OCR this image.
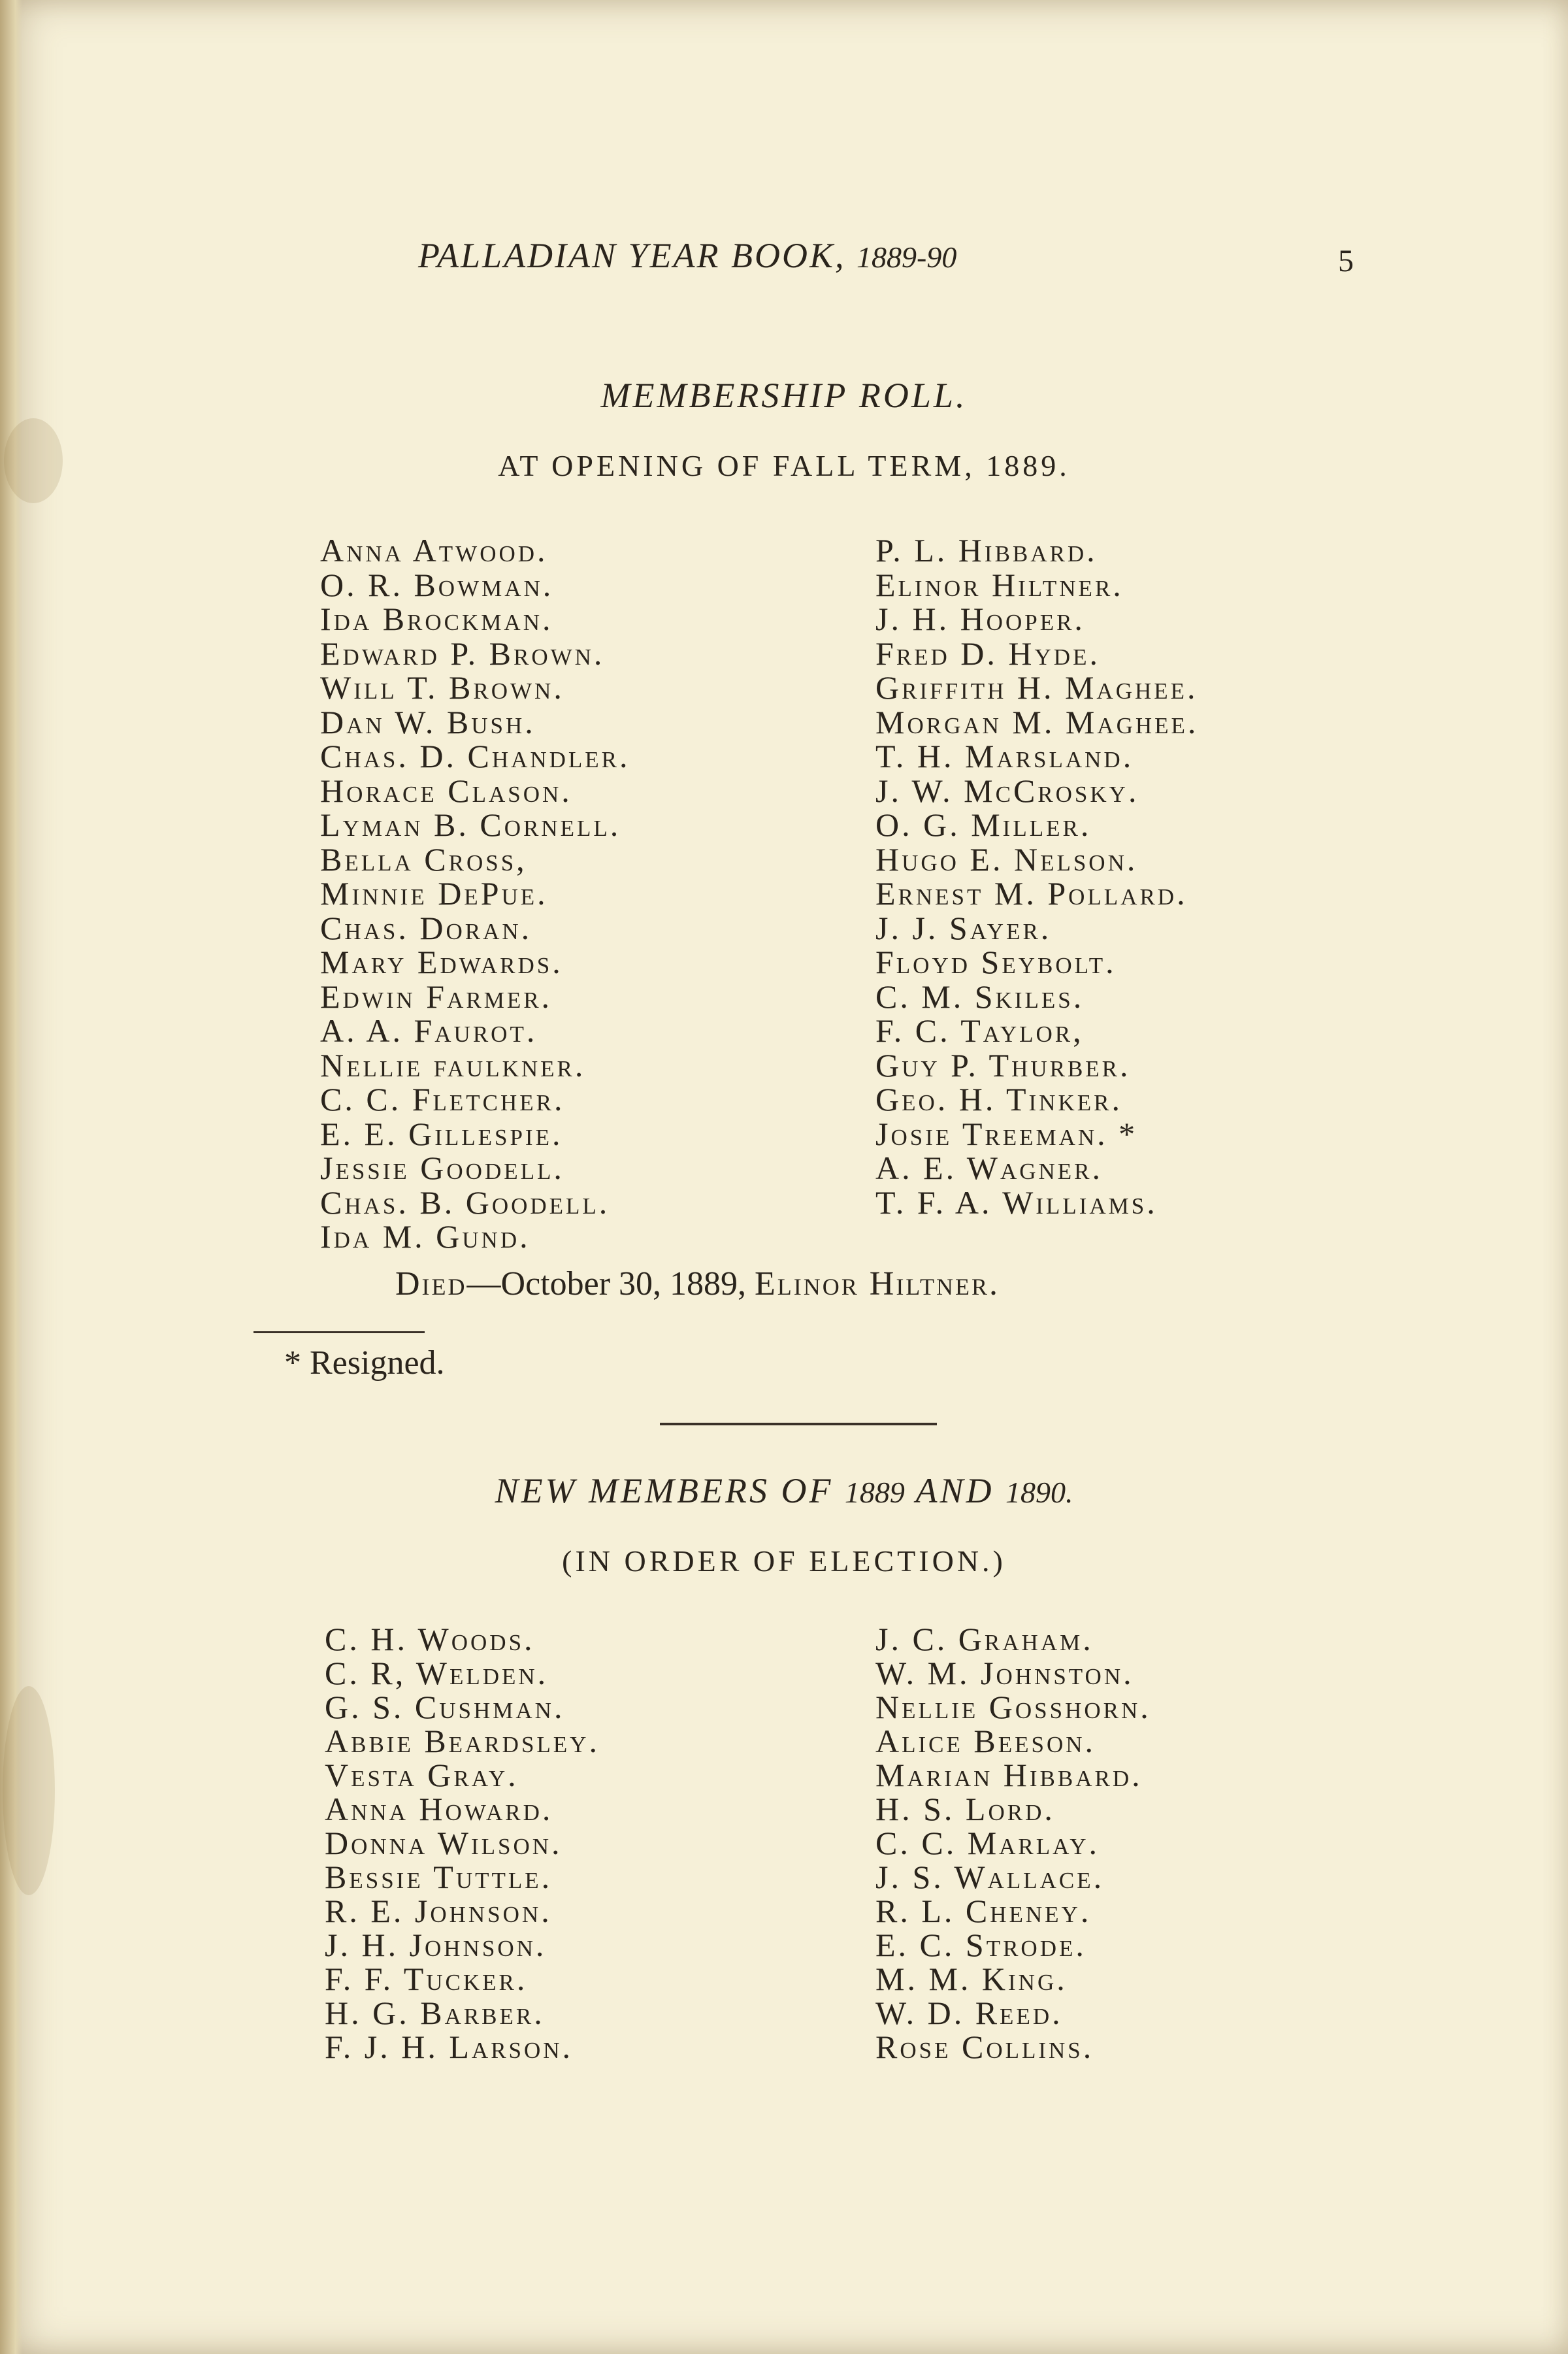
PALLADIAN YEAR BOOK, 1889-90	5
MEMBERSHIP ROLL.
AT OPENING OF FALL TERM, 1889.
Anna Atwood.
O. R. Bowman.
Ida Brockman.
Edward P. Brown.
Will T. Brown.
Dan W. Bush.
Chas. D. Chandler.
Horace Clason.
Lyman B. Cornell.
Bella Cross,
Minnie DePue.
Chas. Doran.
Mary Edwards.
Edwin Farmer.
A. A. Faurot.
Nellie faulkner.
C. C. Fletcher.
E. E. Gillespie.
Jessie Goodell.
Chas. B. Goodell.
Ida M. Gund.
P. L. Hibbard.
Elinor Hiltner.
J. H. Hooper.
Fred D. Hyde.
Griffith H. Maghee.
Morgan M. Maghee.
T. H. Marsland.
J. W. McCrosky.
O. G. Miller.
Hugo E. Nelson.
Ernest M. Pollard.
J. J. Sayer.
Floyd Seybolt.
C. M. Skiles.
F. C. Taylor,
Guy P. Thurber.
Geo. H. Tinker.
Josie Treeman. *
A. E. Wagner.
T. F. A. Williams.
Died—October 30, 1889, Elinor Hiltner.
* Resigned.
NEW MEMBERS OF 1889 AND 1890.
(IN ORDER OF ELECTION.)
C. H. Woods.
C. R, Welden.
G. S. Cushman.
Abbie Beardsley.
Vesta Gray.
Anna Howard.
Donna Wilson.
Bessie Tuttle.
R. E. Johnson.
J. H. Johnson.
F. F. Tucker.
H. G. Barber.
F. J. H. Larson.
J. C. Graham.
W. M. Johnston.
Nellie Gosshorn.
Alice Beeson.
Marian Hibbard.
H. S. Lord.
C. C. Marlay.
J. S. Wallace.
R. L. Cheney.
E. C. Strode.
M. M. King.
W. D. Reed.
Rose Collins.
